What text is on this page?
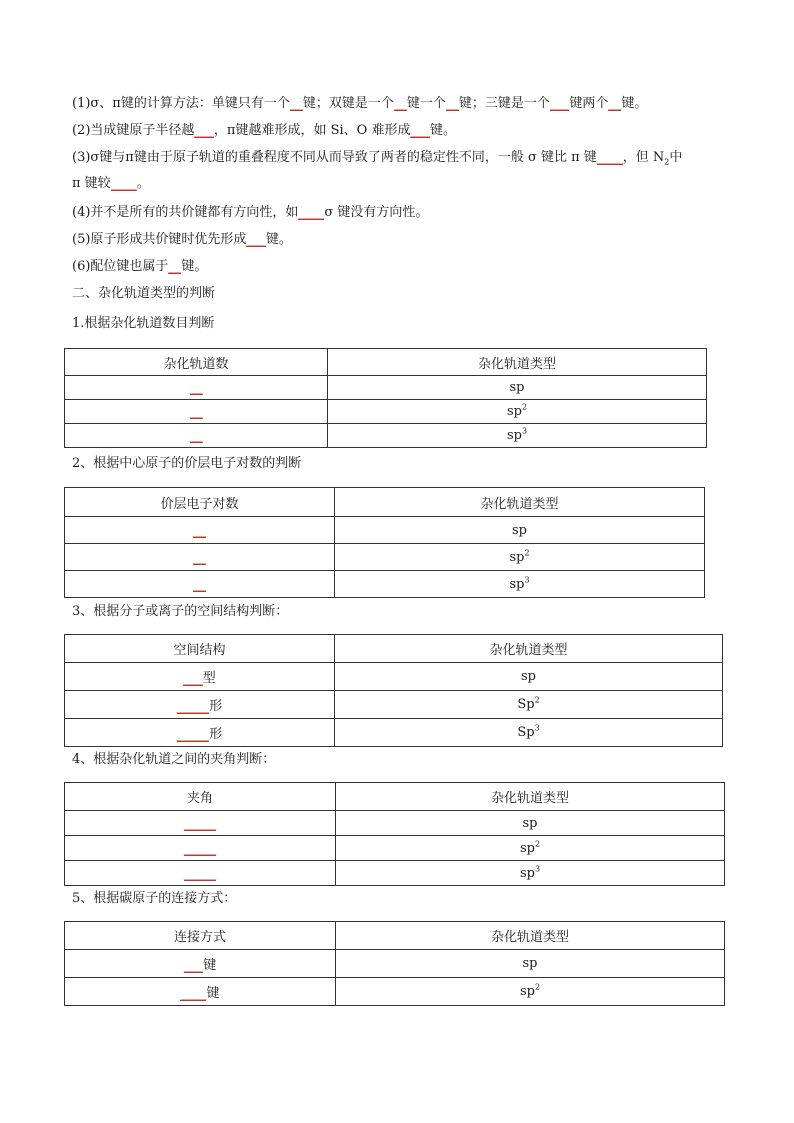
(1)σ、π键的计算方法：单键只有一个__键；双键是一个__键一个__键；三键是一个___键两个__键。
(2)当成键原子半径越___，π键越难形成，如 Si、O 难形成___键。
(3)σ键与π键由于原子轨道的重叠程度不同从而导致了两者的稳定性不同，一般 σ 键比 π 键____，但 $N_2$中
π 键较____。
(4)并不是所有的共价键都有方向性，如____σ 键没有方向性。
(5)原子形成共价键时优先形成___键。
(6)配位键也属于__键。
二、杂化轨道类型的判断
1.根据杂化轨道数目判断
杂化轨道数	杂化轨道类型
__	sp
__	$sp^2$
__	$sp^3$
2、根据中心原子的价层电子对数的判断
价层电子对数	杂化轨道类型
__	sp
__	$sp^2$
__	$sp^3$
3、根据分子或离子的空间结构判断：
空间结构	杂化轨道类型
___型	sp
_____形	Sp$^2$
_____形	Sp$^3$
4、根据杂化轨道之间的夹角判断：
夹角	杂化轨道类型
_____	sp
_____	$sp^2$
_____	$sp^3$
5、根据碳原子的连接方式：
连接方式	杂化轨道类型
___键	sp
____键	$sp^2$
